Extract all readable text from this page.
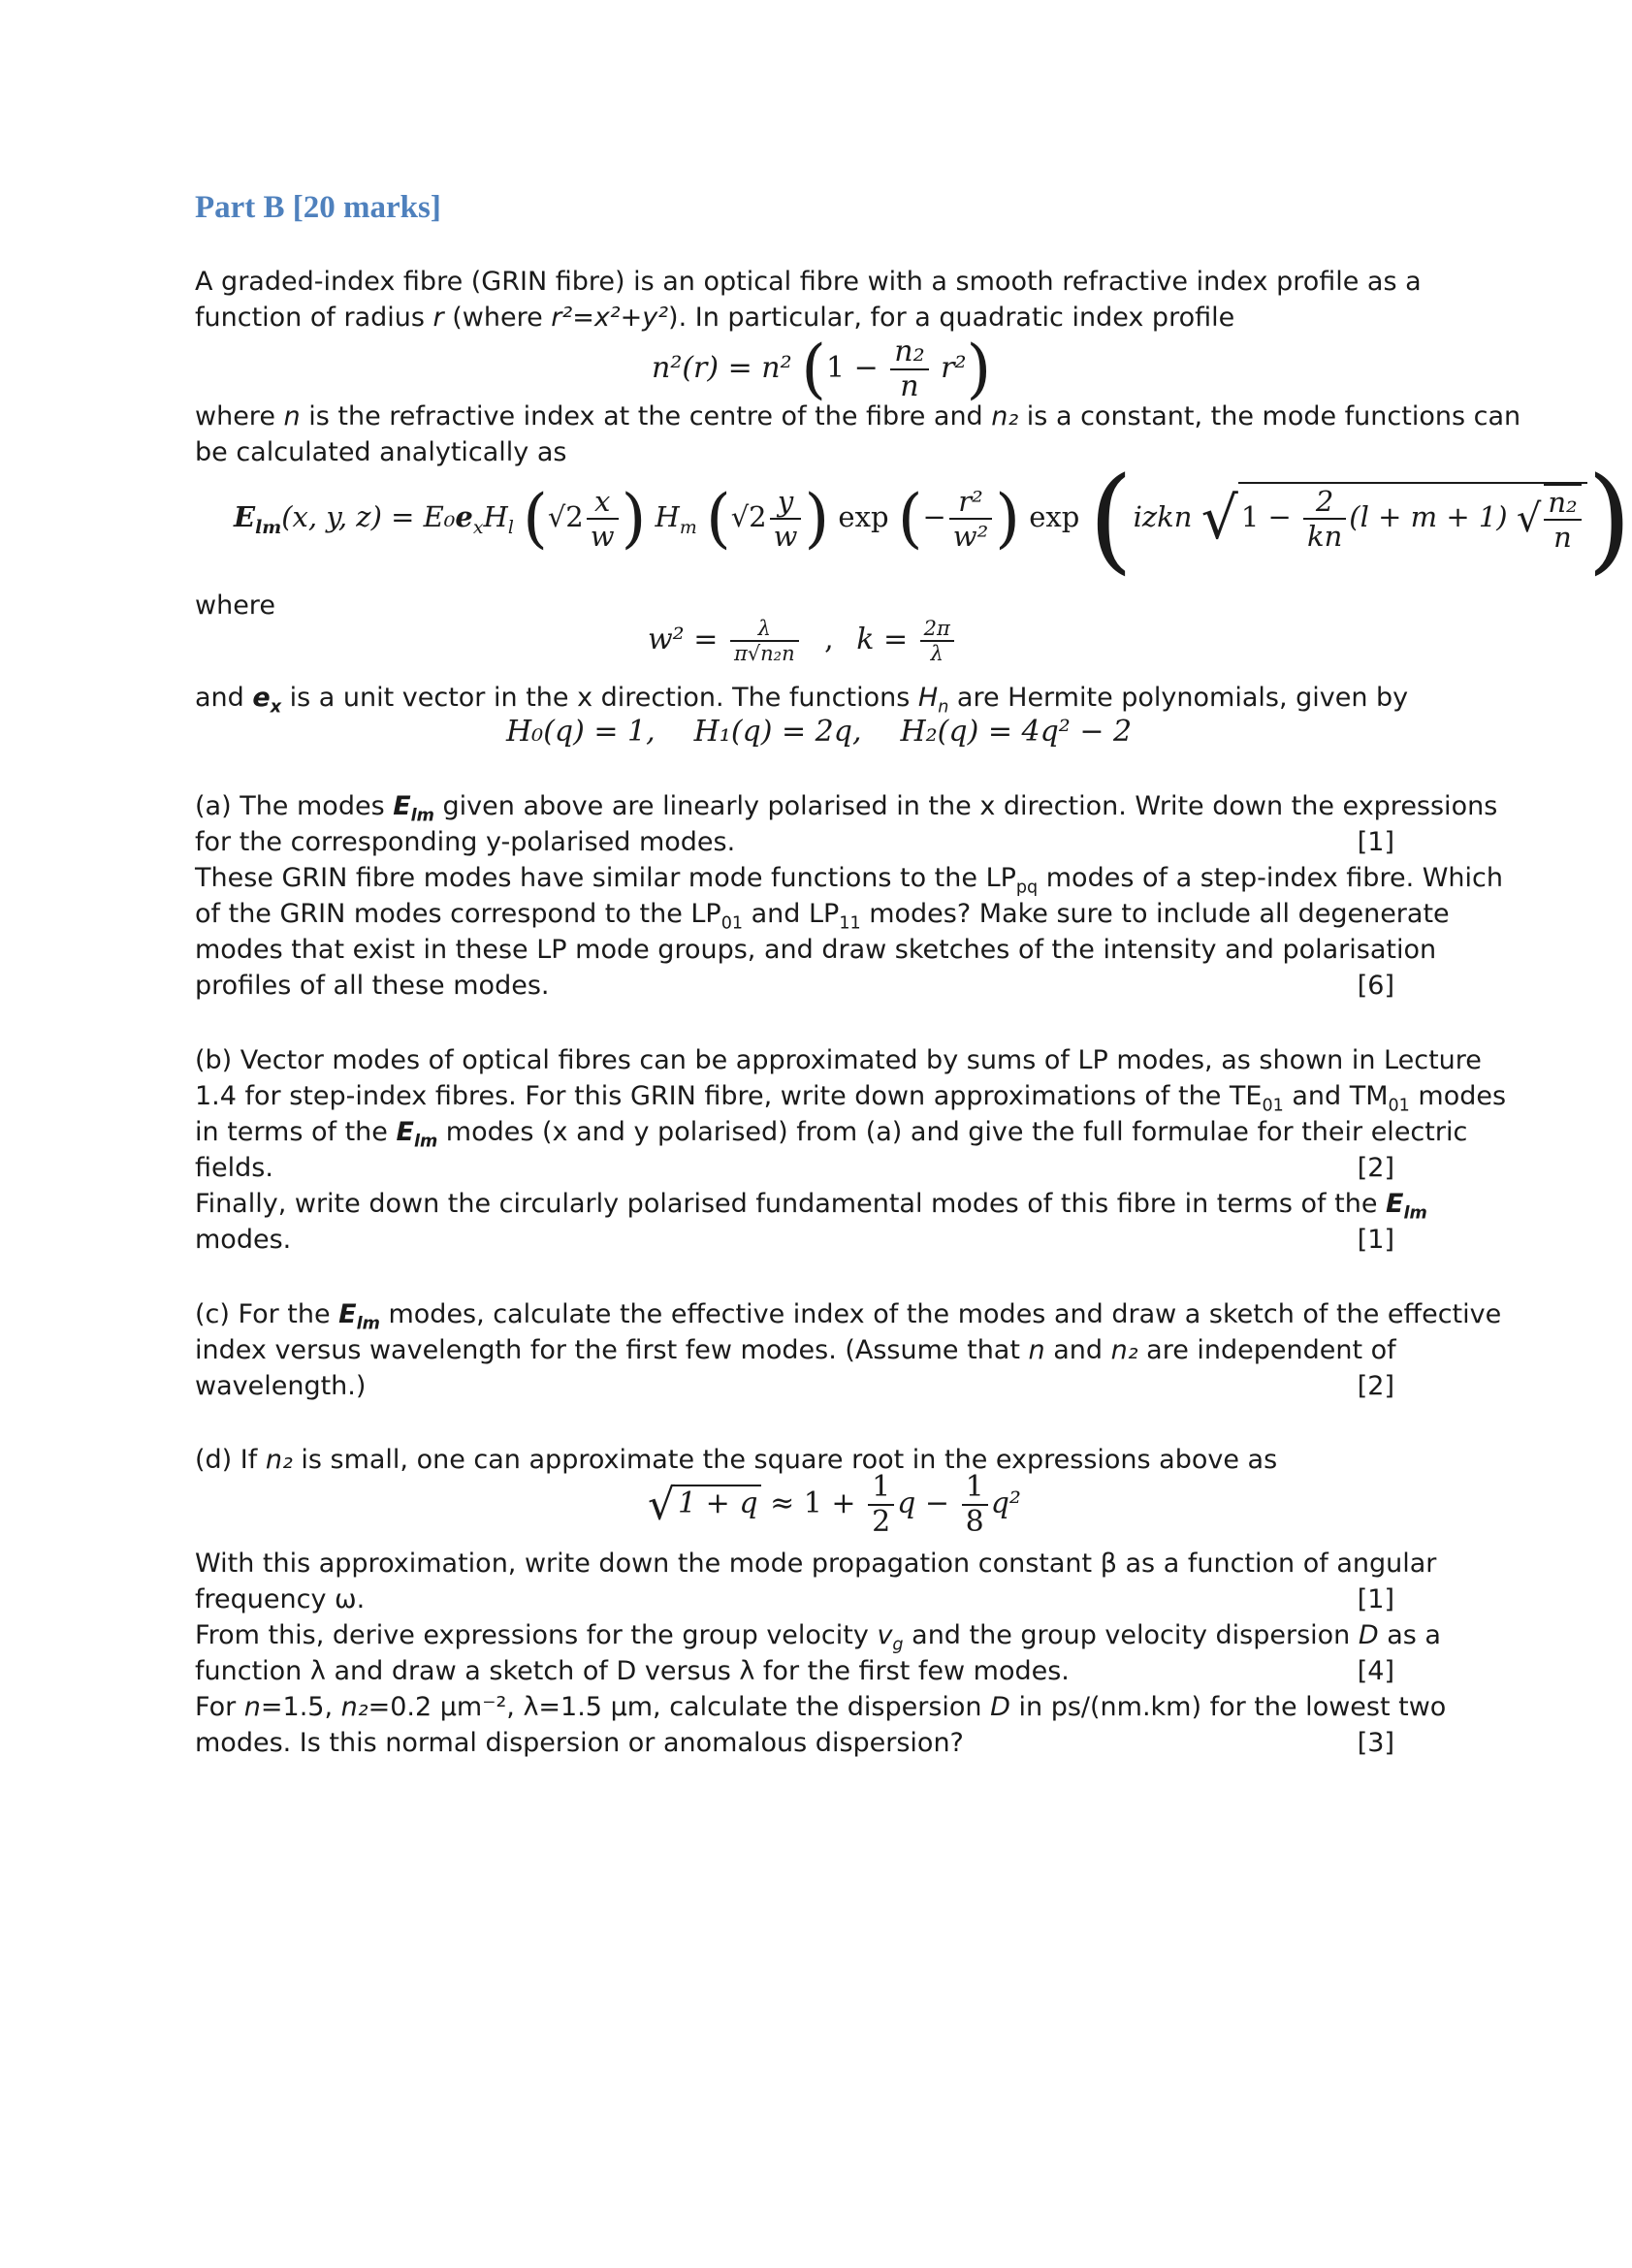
Part B [20 marks]
A graded-index fibre (GRIN fibre) is an optical fibre with a smooth refractive index profile as a
function of radius r (where r²=x²+y²). In particular, for a quadratic index profile
n²(r) = n² $(1 - \frac{\text{n₂}}{n} r^2)$
where n is the refractive index at the centre of the fibre and n₂ is a constant, the mode functions can
be calculated analytically as
$E_{lm}(x$, y, $z) = E_0e_xH_l$ ($√2 \frac{x}{w}$ ) $H_m$ ($√2 \frac{y}{w}$ ) exp (− $\frac{\text{r²}}{\text{w²}}$ ) exp (izkn √ $1 - \frac{2}{kn} (l + m + 1)$ √ $\frac{\text{n₂}}{n}$ )
where
$w^2 = \frac{\lambda}{\text{π√n₂n}}$ , $k = \frac{2\pi}{\lambda}$
and $e_x$ is a unit vector in the x direction. The functions $H_n$ are Hermite polynomials, given by
H₀(q) = 1, H₁(q) = 2q, H₂(q) = 4q² − 2
(a) The modes $E_{lm}$ given above are linearly polarised in the x direction. Write down the expressions
for the corresponding y-polarised modes.	[1]
These GRIN fibre modes have similar mode functions to the $LP_{pq}$ modes of a step-index fibre. Which
of the GRIN modes correspond to the $LP_{01}$ and $LP_{11}$ modes? Make sure to include all degenerate
modes that exist in these LP mode groups, and draw sketches of the intensity and polarisation
profiles of all these modes.	[6]
(b) Vector modes of optical fibres can be approximated by sums of LP modes, as shown in Lecture
1.4 for step-index fibres. For this GRIN fibre, write down approximations of the $TE_{01}$ and $TM_{01}$ modes
in terms of the $E_{lm}$ modes (x and y polarised) from (a) and give the full formulae for their electric
fields.	[2]
Finally, write down the circularly polarised fundamental modes of this fibre in terms of the $E_{lm}$
modes.	[1]
(c) For the $E_{lm}$ modes, calculate the effective index of the modes and draw a sketch of the effective
index versus wavelength for the first few modes. (Assume that n and n₂ are independent of
wavelength.)	[2]
(d) If n₂ is small, one can approximate the square root in the expressions above as
√ $1 + q \approx 1 + \frac{1}{2}$ $q - \frac{1}{8} q^2$
With this approximation, write down the mode propagation constant β as a function of angular
frequency ω.	[1]
From this, derive expressions for the group velocity $v_g$ and the group velocity dispersion D as a
function λ and draw a sketch of D versus λ for the first few modes.	[4]
For n=1.5, n₂=0.2 µm⁻², λ=1.5 µm, calculate the dispersion D in ps/(nm.km) for the lowest two
modes. Is this normal dispersion or anomalous dispersion?	[3]
